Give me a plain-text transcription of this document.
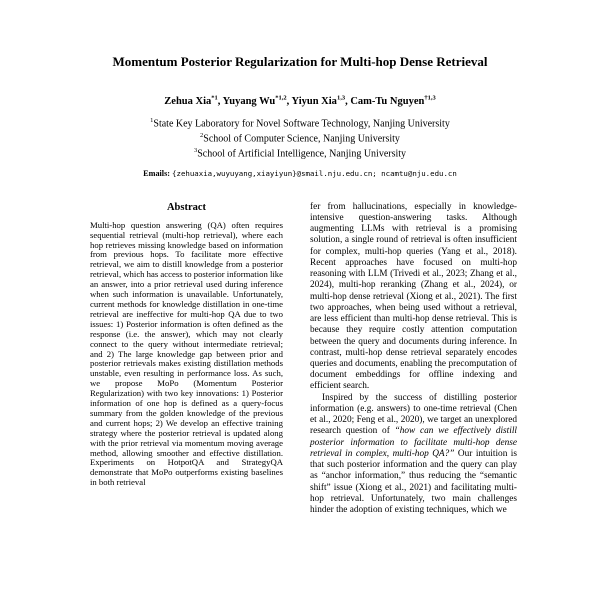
Momentum Posterior Regularization for Multi-hop Dense Retrieval
Zehua Xia$^{*1}$, Yuyang Wu$^{*1,2}$, Yiyun Xia$^{1,3}$, Cam-Tu Nguyen$^{\dagger 1,3}$
$^1$State Key Laboratory for Novel Software Technology, Nanjing University
$^2$School of Computer Science, Nanjing University
$^3$School of Artificial Intelligence, Nanjing University
Emails: {zehuaxia,wuyuyang,xiayiyun}@smail.nju.edu.cn; ncamtu@nju.edu.cn
Abstract

Multi-hop question answering (QA) often requires sequential retrieval (multi-hop retrieval), where each hop retrieves missing knowledge based on information from previous hops. To facilitate more effective retrieval, we aim to distill knowledge from a posterior retrieval, which has access to posterior information like an answer, into a prior retrieval used during inference when such information is unavailable. Unfortunately, current methods for knowledge distillation in one-time retrieval are ineffective for multi-hop QA due to two issues: 1) Posterior information is often defined as the response (i.e. the answer), which may not clearly connect to the query without intermediate retrieval; and 2) The large knowledge gap between prior and posterior retrievals makes existing distillation methods unstable, even resulting in performance loss. As such, we propose MoPo (Momentum Posterior Regularization) with two key innovations: 1) Posterior information of one hop is defined as a query-focus summary from the golden knowledge of the previous and current hops; 2) We develop an effective training strategy where the posterior retrieval is updated along with the prior retrieval via momentum moving average method, allowing smoother and effective distillation. Experiments on HotpotQA and StrategyQA demonstrate that MoPo outperforms existing baselines in both retrieval

fer from hallucinations, especially in knowledge-intensive question-answering tasks. Although augmenting LLMs with retrieval is a promising solution, a single round of retrieval is often insufficient for complex, multi-hop queries (Yang et al., 2018). Recent approaches have focused on multi-hop reasoning with LLM (Trivedi et al., 2023; Zhang et al., 2024), multi-hop reranking (Zhang et al., 2024), or multi-hop dense retrieval (Xiong et al., 2021). The first two approaches, when being used without a retrieval, are less efficient than multi-hop dense retrieval. This is because they require costly attention computation between the query and documents during inference. In contrast, multi-hop dense retrieval separately encodes queries and documents, enabling the precomputation of document embeddings for offline indexing and efficient search.

Inspired by the success of distilling posterior information (e.g. answers) to one-time retrieval (Chen et al., 2020; Feng et al., 2020), we target an unexplored research question of “how can we effectively distill posterior information to facilitate multi-hop dense retrieval in complex, multi-hop QA?” Our intuition is that such posterior information and the query can play as “anchor information,” thus reducing the “semantic shift” issue (Xiong et al., 2021) and facilitating multi-hop retrieval. Unfortunately, two main challenges hinder the adoption of existing techniques, which we
